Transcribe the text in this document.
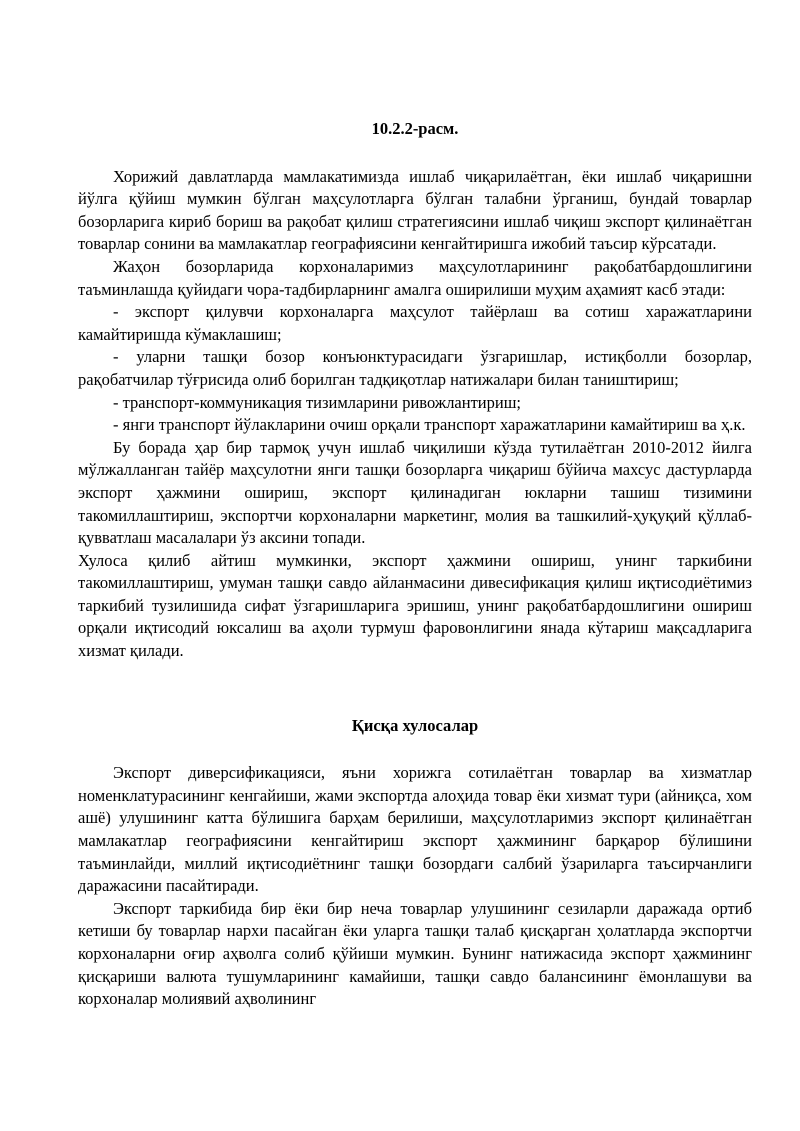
10.2.2-расм.

Хорижий давлатларда мамлакатимизда ишлаб чиқарилаётган, ёки ишлаб чиқаришни йўлга қўйиш мумкин бўлган маҳсулотларга бўлган талабни ўрганиш, бундай товарлар бозорларига кириб бориш ва рақобат қилиш стратегиясини ишлаб чиқиш экспорт қилинаётган товарлар сонини ва мамлакатлар географиясини кенгайтиришга ижобий таъсир кўрсатади.

Жаҳон бозорларида корхоналаримиз маҳсулотларининг рақобатбардошлигини таъминлашда қуйидаги чора-тадбирларнинг амалга оширилиши муҳим аҳамият касб этади:

- экспорт қилувчи корхоналарга маҳсулот тайёрлаш ва сотиш харажатларини камайтиришда кўмаклашиш;

- уларни ташқи бозор конъюнктурасидаги ўзгаришлар, истиқболли бозорлар, рақобатчилар тўғрисида олиб борилган тадқиқотлар натижалари билан таништириш;

- транспорт-коммуникация тизимларини ривожлантириш;

- янги транспорт йўлакларини очиш орқали транспорт харажатларини камайтириш ва ҳ.к.

Бу борада ҳар бир тармоқ учун ишлаб чиқилиши кўзда тутилаётган 2010-2012 йилга мўлжалланган тайёр маҳсулотни янги ташқи бозорларга чиқариш бўйича махсус дастурларда экспорт ҳажмини ошириш, экспорт қилинадиган юкларни ташиш тизимини такомиллаштириш, экспортчи корхоналарни маркетинг, молия ва ташкилий-ҳуқуқий қўллаб-қувватлаш масалалари ўз аксини топади.

Хулоса қилиб айтиш мумкинки, экспорт ҳажмини ошириш, унинг таркибини такомиллаштириш, умуман ташқи савдо айланмасини дивесификация қилиш иқтисодиётимиз таркибий тузилишида сифат ўзгаришларига эришиш, унинг рақобатбардошлигини ошириш орқали иқтисодий юксалиш ва аҳоли турмуш фаровонлигини янада кўтариш мақсадларига хизмат қилади.

Қисқа хулосалар

Экспорт диверсификацияси, яъни хорижга сотилаётган товарлар ва хизматлар номенклатурасининг кенгайиши, жами экспортда алоҳида товар ёки хизмат тури (айниқса, хом ашё) улушининг катта бўлишига барҳам берилиши, маҳсулотларимиз экспорт қилинаётган мамлакатлар географиясини кенгайтириш экспорт ҳажмининг барқарор бўлишини таъминлайди, миллий иқтисодиётнинг ташқи бозордаги салбий ўзариларга таъсирчанлиги даражасини пасайтиради.

Экспорт таркибида бир ёки бир неча товарлар улушининг сезиларли даражада ортиб кетиши бу товарлар нархи пасайган ёки уларга ташқи талаб қисқарган ҳолатларда экспортчи корхоналарни оғир аҳволга солиб қўйиши мумкин. Бунинг натижасида экспорт ҳажмининг қисқариши валюта тушумларининг камайиши, ташқи савдо балансининг ёмонлашуви ва корхоналар молиявий аҳволининг
